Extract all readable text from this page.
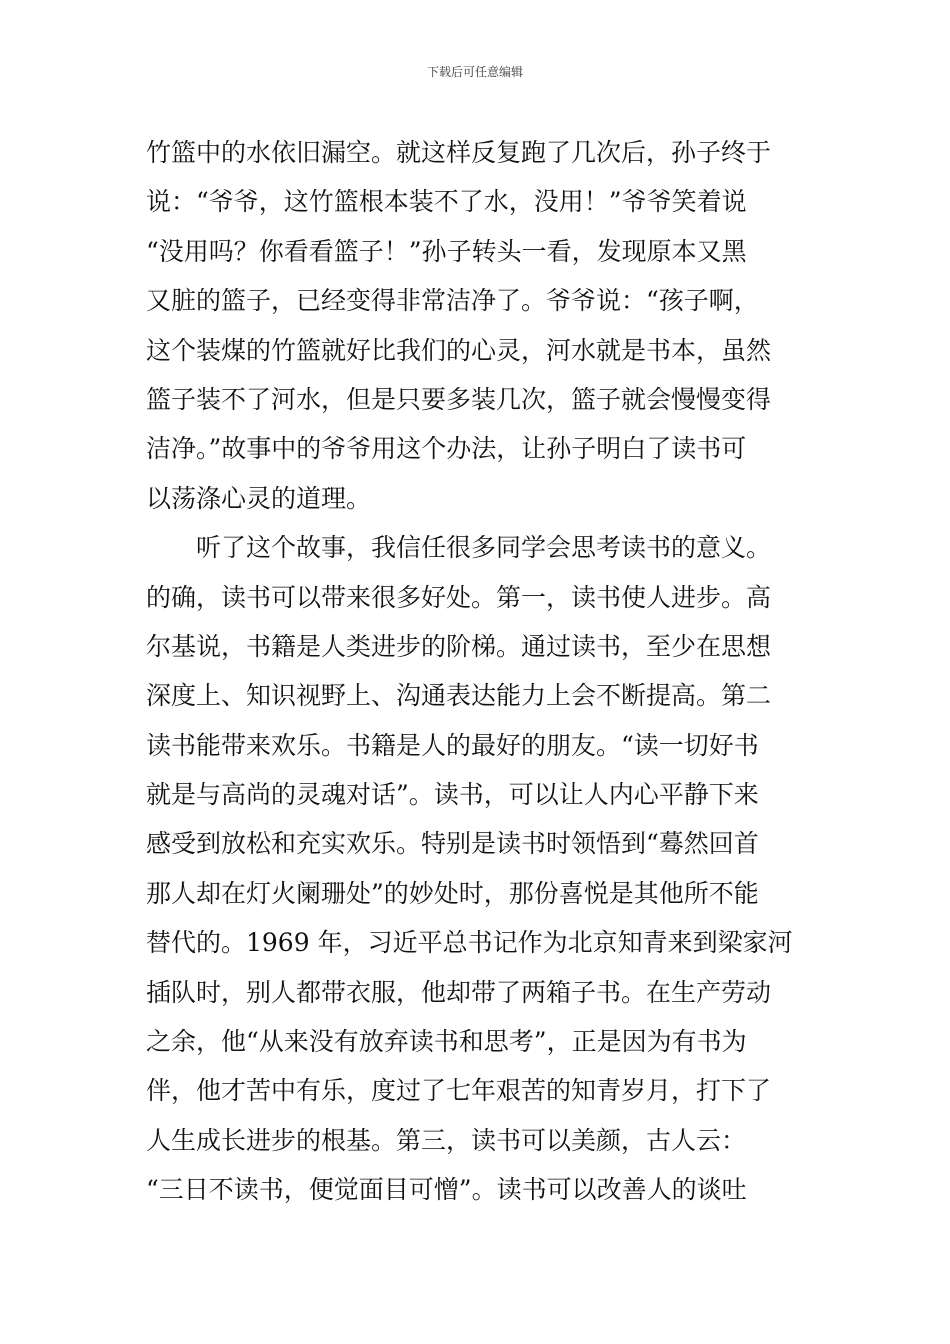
下载后可任意编辑
竹篮中的水依旧漏空。就这样反复跑了几次后，孙子终于
说：“爷爷，这竹篮根本装不了水，没用！”爷爷笑着说
“没用吗？你看看篮子！”孙子转头一看，发现原本又黑
又脏的篮子，已经变得非常洁净了。爷爷说：“孩子啊，
这个装煤的竹篮就好比我们的心灵，河水就是书本，虽然
篮子装不了河水，但是只要多装几次，篮子就会慢慢变得
洁净。”故事中的爷爷用这个办法，让孙子明白了读书可
以荡涤心灵的道理。
听了这个故事，我信任很多同学会思考读书的意义。
的确，读书可以带来很多好处。第一，读书使人进步。高
尔基说，书籍是人类进步的阶梯。通过读书，至少在思想
深度上、知识视野上、沟通表达能力上会不断提高。第二
读书能带来欢乐。书籍是人的最好的朋友。“读一切好书
就是与高尚的灵魂对话”。读书，可以让人内心平静下来
感受到放松和充实欢乐。特别是读书时领悟到“蓦然回首
那人却在灯火阑珊处”的妙处时，那份喜悦是其他所不能
替代的。1969 年，习近平总书记作为北京知青来到梁家河
插队时，别人都带衣服，他却带了两箱子书。在生产劳动
之余，他“从来没有放弃读书和思考”，正是因为有书为
伴，他才苦中有乐，度过了七年艰苦的知青岁月，打下了
人生成长进步的根基。第三，读书可以美颜，古人云：
“三日不读书，便觉面目可憎”。读书可以改善人的谈吐
